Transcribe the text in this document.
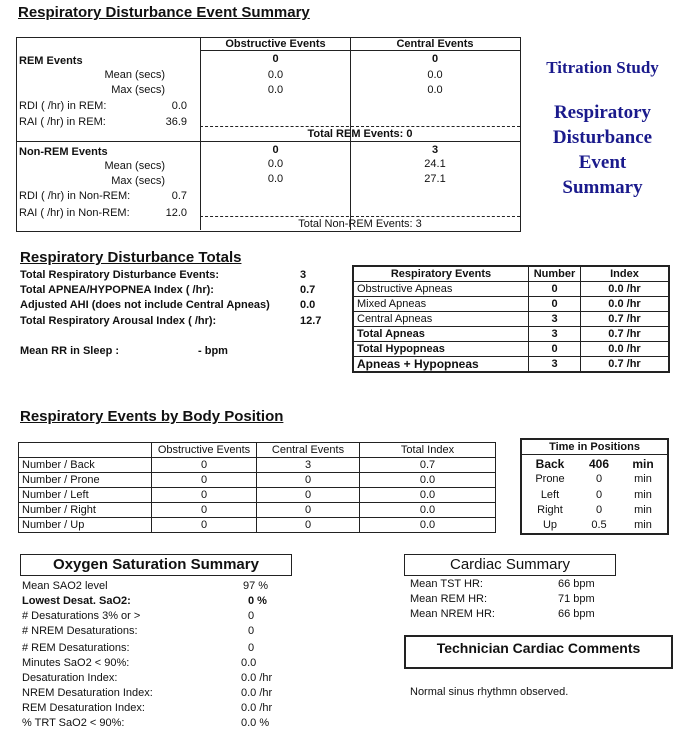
Respiratory Disturbance Event Summary
Titration Study
Respiratory
Disturbance
Event
Summary
Obstructive Events	Central Events
REM Events	0	0
Mean (secs)	0.0	0.0
Max (secs)	0.0	0.0
RDI ( /hr) in REM:	0.0
RAI ( /hr) in REM:	36.9
Total REM Events: 0
Non-REM Events	0	3
Mean (secs)	0.0	24.1
Max (secs)	0.0	27.1
RDI ( /hr) in Non-REM:	0.7
RAI ( /hr) in Non-REM:	12.0
Total Non-REM Events: 3
Respiratory Disturbance Totals
Total Respiratory Disturbance Events:	3
Total APNEA/HYPOPNEA Index ( /hr):	0.7
Adjusted AHI (does not include Central Apneas)	0.0
Total Respiratory Arousal Index ( /hr):	12.7
Mean RR in Sleep :	- bpm
Respiratory Events	Number	Index
Obstructive Apneas	0	0.0 /hr
Mixed Apneas	0	0.0 /hr
Central Apneas	3	0.7 /hr
Total Apneas	3	0.7 /hr
Total Hypopneas	0	0.0 /hr
Apneas + Hypopneas	3	0.7 /hr
Respiratory Events by Body Position
	Obstructive Events	Central Events	Total Index
Number / Back	0	3	0.7
Number / Prone	0	0	0.0
Number / Left	0	0	0.0
Number / Right	0	0	0.0
Number / Up	0	0	0.0
Time in Positions
Back	406	min
Prone	0	min
Left	0	min
Right	0	min
Up	0.5	min
Oxygen Saturation Summary
Mean SAO2 level	97 %
Lowest Desat. SaO2:	0 %
# Desaturations 3% or >	0
# NREM Desaturations:	0
# REM Desaturations:	0
Minutes SaO2 < 90%:	0.0
Desaturation Index:	0.0 /hr
NREM Desaturation Index:	0.0 /hr
REM Desaturation Index:	0.0 /hr
% TRT SaO2 < 90%:	0.0 %
Cardiac Summary
Mean TST HR:	66 bpm
Mean REM HR:	71 bpm
Mean NREM HR:	66 bpm
Technician Cardiac Comments
Normal sinus rhythmn observed.
